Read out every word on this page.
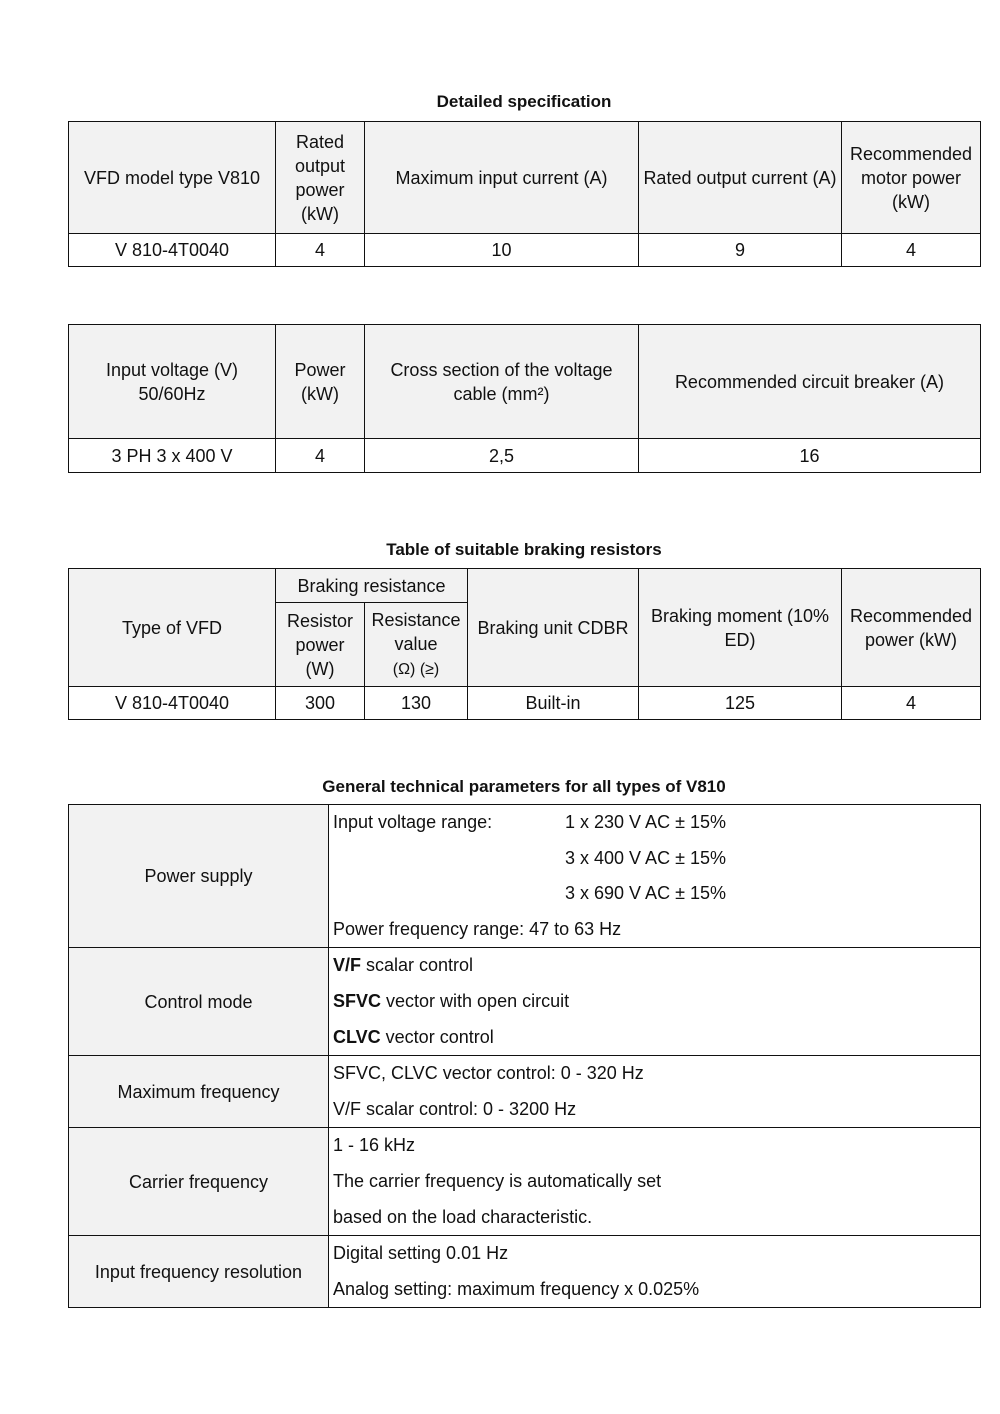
Detailed specification
VFD model type V810	Rated output power (kW)	Maximum input current (A)	Rated output current (A)	Recommended motor power (kW)
V 810-4T0040	4	10	9	4
Input voltage (V) 50/60Hz	Power (kW)	Cross section of the voltage cable (mm²)	Recommended circuit breaker (A)
3 PH 3 x 400 V	4	2,5	16
Table of suitable braking resistors
Type of VFD	Braking resistance		Braking unit CDBR	Braking moment (10% ED)	Recommended power (kW)
	Resistor power (W)	Resistance value
(Ω) (≥)			
V 810-4T0040	300	130	Built-in	125	4
General technical parameters for all types of V810
Power supply	Input voltage range: 1 x 230 V AC ± 15%
3 x 400 V AC ± 15%
3 x 690 V AC ± 15%
Power frequency range: 47 to 63 Hz

Control mode	V/F scalar control
SFVC vector with open circuit
CLVC vector control

Maximum frequency	SFVC, CLVC vector control: 0 - 320 Hz
V/F scalar control: 0 - 3200 Hz

Carrier frequency	1 - 16 kHz
The carrier frequency is automatically set
based on the load characteristic.

Input frequency resolution	Digital setting 0.01 Hz
Analog setting: maximum frequency x 0.025%
